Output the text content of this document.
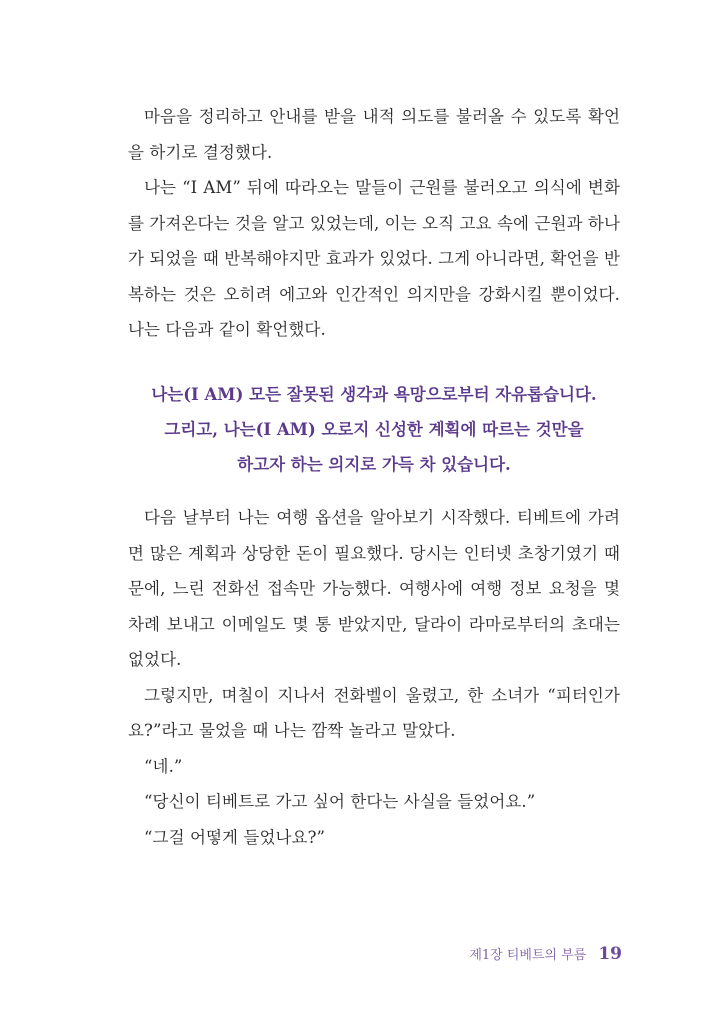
마음을 정리하고 안내를 받을 내적 의도를 불러올 수 있도록 확언을 하기로 결정했다.

나는 “I AM” 뒤에 따라오는 말들이 근원를 불러오고 의식에 변화를 가져온다는 것을 알고 있었는데, 이는 오직 고요 속에 근원과 하나가 되었을 때 반복해야지만 효과가 있었다. 그게 아니라면, 확언을 반복하는 것은 오히려 에고와 인간적인 의지만을 강화시킬 뿐이었다. 나는 다음과 같이 확언했다.

나는(I AM) 모든 잘못된 생각과 욕망으로부터 자유롭습니다.
그리고, 나는(I AM) 오로지 신성한 계획에 따르는 것만을
하고자 하는 의지로 가득 차 있습니다.

다음 날부터 나는 여행 옵션을 알아보기 시작했다. 티베트에 가려면 많은 계획과 상당한 돈이 필요했다. 당시는 인터넷 초창기였기 때문에, 느린 전화선 접속만 가능했다. 여행사에 여행 정보 요청을 몇 차례 보내고 이메일도 몇 통 받았지만, 달라이 라마로부터의 초대는 없었다.

그렇지만, 며칠이 지나서 전화벨이 울렸고, 한 소녀가 “피터인가요?”라고 물었을 때 나는 깜짝 놀라고 말았다.

“네.”

“당신이 티베트로 가고 싶어 한다는 사실을 들었어요.”

“그걸 어떻게 들었나요?”

제1장 티베트의 부름 19
